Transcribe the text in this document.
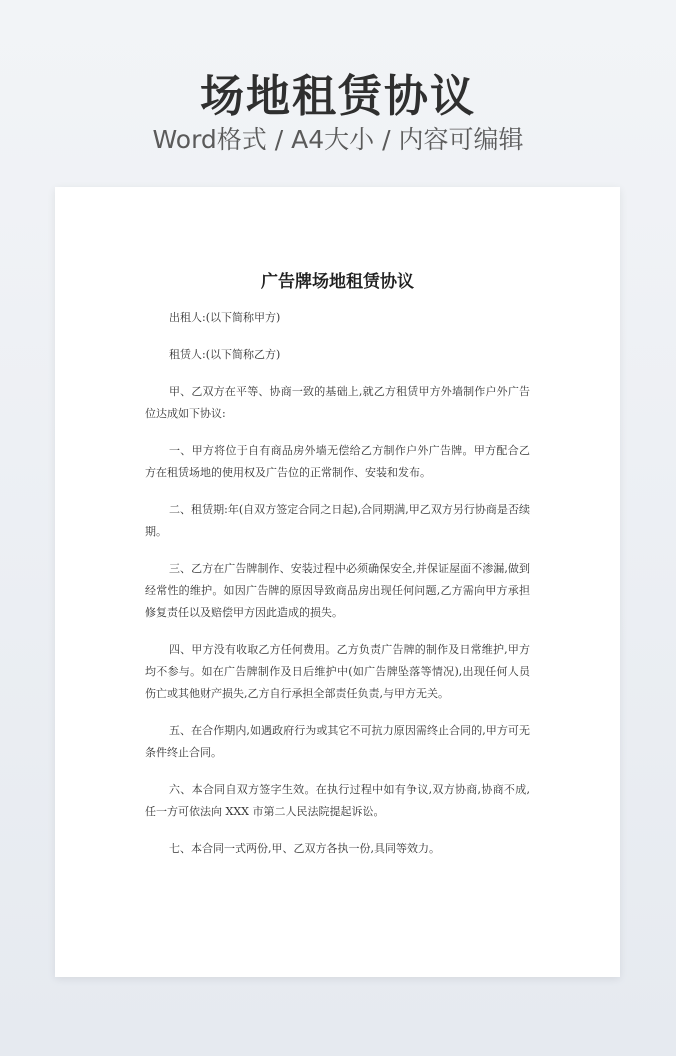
场地租赁协议
Word格式 / A4大小 / 内容可编辑
广告牌场地租赁协议

出租人:(以下简称甲方)

租赁人:(以下简称乙方)

甲、乙双方在平等、协商一致的基础上,就乙方租赁甲方外墙制作户外广告位达成如下协议:

一、甲方将位于自有商品房外墙无偿给乙方制作户外广告牌。甲方配合乙方在租赁场地的使用权及广告位的正常制作、安装和发布。

二、租赁期:年(自双方签定合同之日起),合同期满,甲乙双方另行协商是否续期。

三、乙方在广告牌制作、安装过程中必须确保安全,并保证屋面不渗漏,做到经常性的维护。如因广告牌的原因导致商品房出现任何问题,乙方需向甲方承担修复责任以及赔偿甲方因此造成的损失。

四、甲方没有收取乙方任何费用。乙方负责广告牌的制作及日常维护,甲方均不参与。如在广告牌制作及日后维护中(如广告牌坠落等情况),出现任何人员伤亡或其他财产损失,乙方自行承担全部责任负责,与甲方无关。

五、在合作期内,如遇政府行为或其它不可抗力原因需终止合同的,甲方可无条件终止合同。

六、本合同自双方签字生效。在执行过程中如有争议,双方协商,协商不成,任一方可依法向 XXX 市第二人民法院提起诉讼。

七、本合同一式两份,甲、乙双方各执一份,具同等效力。
